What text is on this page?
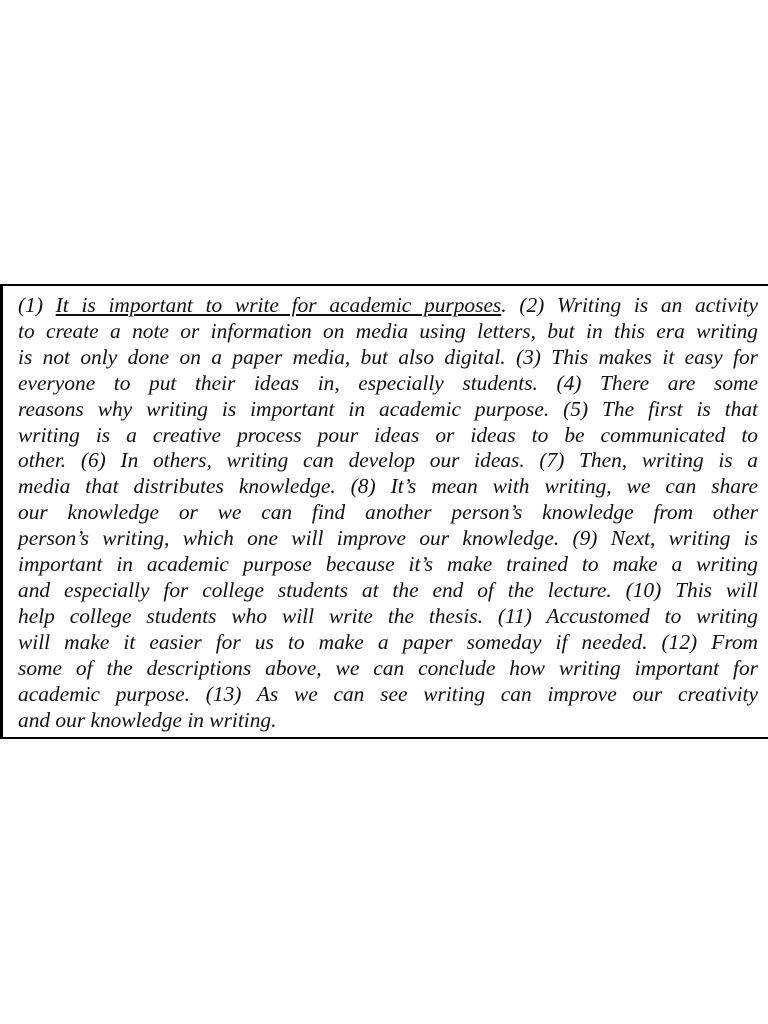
(1) It is important to write for academic purposes. (2) Writing is an activity
to create a note or information on media using letters, but in this era writing
is not only done on a paper media, but also digital. (3) This makes it easy for
everyone to put their ideas in, especially students. (4) There are some
reasons why writing is important in academic purpose. (5) The first is that
writing is a creative process pour ideas or ideas to be communicated to
other. (6) In others, writing can develop our ideas. (7) Then, writing is a
media that distributes knowledge. (8) It’s mean with writing, we can share
our knowledge or we can find another person’s knowledge from other
person’s writing, which one will improve our knowledge. (9) Next, writing is
important in academic purpose because it’s make trained to make a writing
and especially for college students at the end of the lecture. (10) This will
help college students who will write the thesis. (11) Accustomed to writing
will make it easier for us to make a paper someday if needed. (12) From
some of the descriptions above, we can conclude how writing important for
academic purpose. (13) As we can see writing can improve our creativity
and our knowledge in writing.
